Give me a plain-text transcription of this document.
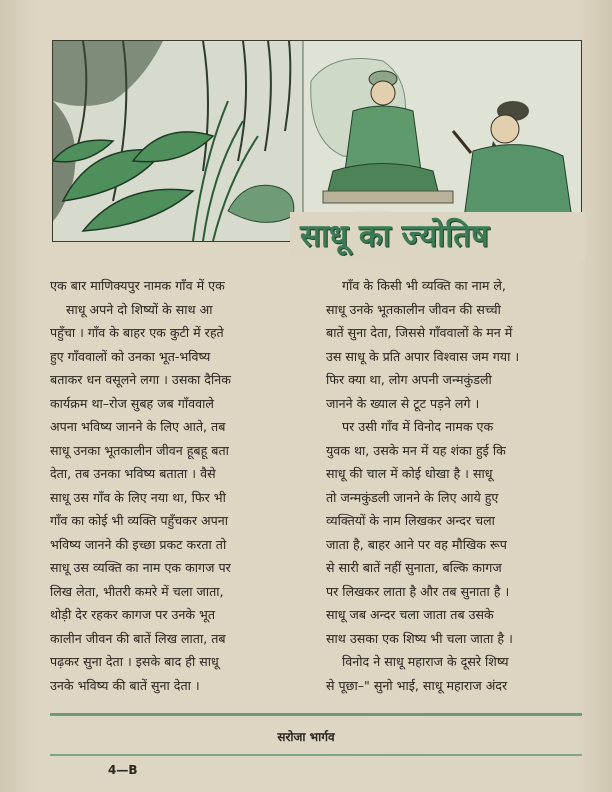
साधू का ज्योतिष
एक बार माणिक्यपुर नामक गाँव में एक
साधू अपने दो शिष्यों के साथ आ
पहुँचा । गाँव के बाहर एक कुटी में रहते
हुए गाँववालों को उनका भूत-भविष्य
बताकर धन वसूलने लगा । उसका दैनिक
कार्यक्रम था–रोज सुबह जब गाँववाले
अपना भविष्य जानने के लिए आते, तब
साधू उनका भूतकालीन जीवन हूबहू बता
देता, तब उनका भविष्य बताता । वैसे
साधू उस गाँव के लिए नया था, फिर भी
गाँव का कोई भी व्यक्ति पहुँचकर अपना
भविष्य जानने की इच्छा प्रकट करता तो
साधू उस व्यक्ति का नाम एक कागज पर
लिख लेता, भीतरी कमरे में चला जाता,
थोड़ी देर रहकर कागज पर उनके भूत
कालीन जीवन की बातें लिख लाता, तब
पढ़कर सुना देता । इसके बाद ही साधू
उनके भविष्य की बातें सुना देता ।
गाँव के किसी भी व्यक्ति का नाम ले,
साधू उनके भूतकालीन जीवन की सच्ची
बातें सुना देता, जिससे गाँववालों के मन में
उस साधू के प्रति अपार विश्वास जम गया ।
फिर क्या था, लोग अपनी जन्मकुंडली
जानने के ख्याल से टूट पड़ने लगे ।
पर उसी गाँव में विनोद नामक एक
युवक था, उसके मन में यह शंका हुई कि
साधू की चाल में कोई धोखा है । साधू
तो जन्मकुंडली जानने के लिए आये हुए
व्यक्तियों के नाम लिखकर अन्दर चला
जाता है, बाहर आने पर वह मौखिक रूप
से सारी बातें नहीं सुनाता, बल्कि कागज
पर लिखकर लाता है और तब सुनाता है ।
साधू जब अन्दर चला जाता तब उसके
साथ उसका एक शिष्य भी चला जाता है ।
विनोद ने साधू महाराज के दूसरे शिष्य
से पूछा–" सुनो भाई, साधू महाराज अंदर
सरोजा भार्गव
4—B
